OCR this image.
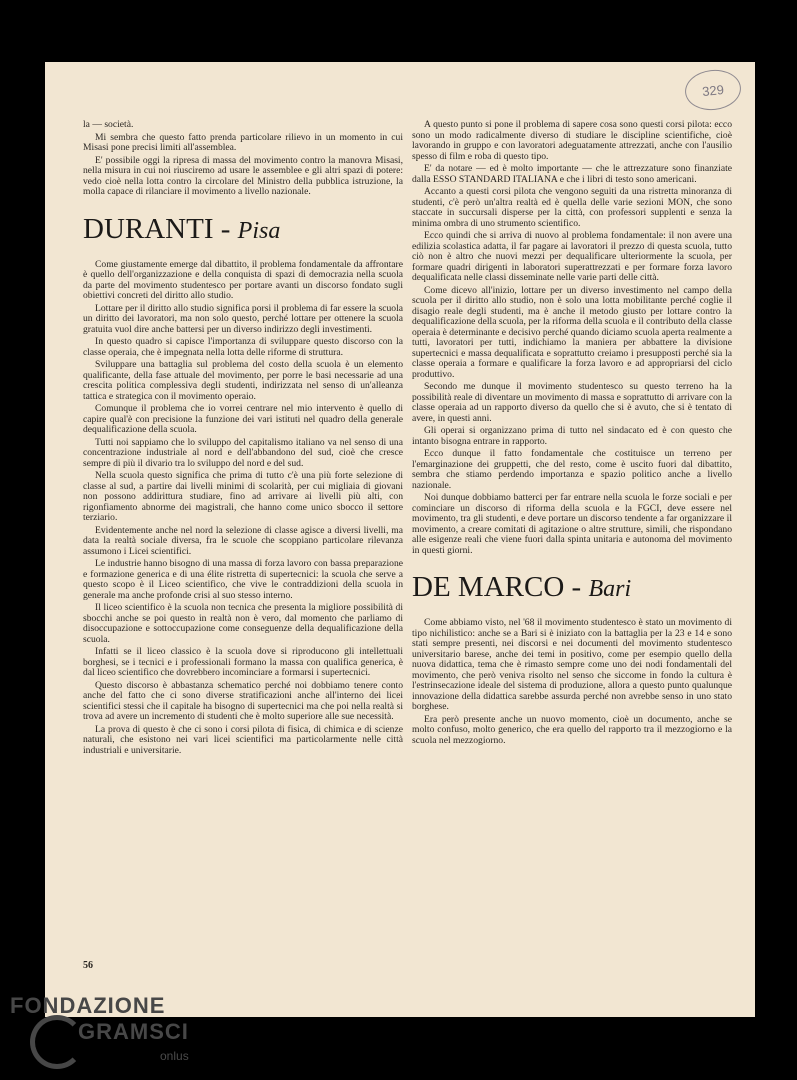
329

la — società.

Mi sembra che questo fatto prenda particolare rilievo in un momento in cui Misasi pone precisi limiti all'assemblea.

E' possibile oggi la ripresa di massa del movimento contro la manovra Misasi, nella misura in cui noi riusciremo ad usare le assemblee e gli altri spazi di potere: vedo cioè nella lotta contro la circolare del Ministro della pubblica istruzione, la molla capace di rilanciare il movimento a livello nazionale.

DURANTI - Pisa

Come giustamente emerge dal dibattito, il problema fondamentale da affrontare è quello dell'organizzazione e della conquista di spazi di democrazia nella scuola da parte del movimento studentesco per portare avanti un discorso fondato sugli obiettivi concreti del diritto allo studio.

Lottare per il diritto allo studio significa porsi il problema di far essere la scuola un diritto dei lavoratori, ma non solo questo, perché lottare per ottenere la scuola gratuita vuol dire anche battersi per un diverso indirizzo degli investimenti.

In questo quadro si capisce l'importanza di sviluppare questo discorso con la classe operaia, che è impegnata nella lotta delle riforme di struttura.

Sviluppare una battaglia sul problema del costo della scuola è un elemento qualificante, della fase attuale del movimento, per porre le basi necessarie ad una crescita politica complessiva degli studenti, indirizzata nel senso di un'alleanza tattica e strategica con il movimento operaio.

Comunque il problema che io vorrei centrare nel mio intervento è quello di capire qual'è con precisione la funzione dei vari istituti nel quadro della generale dequalificazione della scuola.

Tutti noi sappiamo che lo sviluppo del capitalismo italiano va nel senso di una concentrazione industriale al nord e dell'abbandono del sud, cioè che cresce sempre di più il divario tra lo sviluppo del nord e del sud.

Nella scuola questo significa che prima di tutto c'è una più forte selezione di classe al sud, a partire dai livelli minimi di scolarità, per cui migliaia di giovani non possono addirittura studiare, fino ad arrivare ai livelli più alti, con rigonfiamento abnorme dei magistrali, che hanno come unico sbocco il settore terziario.

Evidentemente anche nel nord la selezione di classe agisce a diversi livelli, ma data la realtà sociale diversa, fra le scuole che scoppiano particolare rilevanza assumono i Licei scientifici.

Le industrie hanno bisogno di una massa di forza lavoro con bassa preparazione e formazione generica e di una élite ristretta di supertecnici: la scuola che serve a questo scopo è il Liceo scientifico, che vive le contraddizioni della scuola in generale ma anche profonde crisi al suo stesso interno.

Il liceo scientifico è la scuola non tecnica che presenta la migliore possibilità di sbocchi anche se poi questo in realtà non è vero, dal momento che parliamo di disoccupazione e sottoccupazione come conseguenze della dequalificazione della scuola.

Infatti se il liceo classico è la scuola dove si riproducono gli intellettuali borghesi, se i tecnici e i professionali formano la massa con qualifica generica, è dal liceo scientifico che dovrebbero incominciare a formarsi i supertecnici.

Questo discorso è abbastanza schematico perché noi dobbiamo tenere conto anche del fatto che ci sono diverse stratificazioni anche all'interno dei licei scientifici stessi che il capitale ha bisogno di supertecnici ma che poi nella realtà si trova ad avere un incremento di studenti che è molto superiore alle sue necessità.

La prova di questo è che ci sono i corsi pilota di fisica, di chimica e di scienze naturali, che esistono nei vari licei scientifici ma particolarmente nelle città industriali e universitarie.

A questo punto si pone il problema di sapere cosa sono questi corsi pilota: ecco sono un modo radicalmente diverso di studiare le discipline scientifiche, cioè lavorando in gruppo e con lavoratori adeguatamente attrezzati, anche con l'ausilio spesso di film e roba di questo tipo.

E' da notare — ed è molto importante — che le attrezzature sono finanziate dalla ESSO STANDARD ITALIANA e che i libri di testo sono americani.

Accanto a questi corsi pilota che vengono seguiti da una ristretta minoranza di studenti, c'è però un'altra realtà ed è quella delle varie sezioni MON, che sono staccate in succursali disperse per la città, con professori supplenti e senza la minima ombra di uno strumento scientifico.

Ecco quindi che si arriva di nuovo al problema fondamentale: il non avere una edilizia scolastica adatta, il far pagare ai lavoratori il prezzo di questa scuola, tutto ciò non è altro che nuovi mezzi per dequalificare ulteriormente la scuola, per formare quadri dirigenti in laboratori superattrezzati e per formare forza lavoro dequalificata nelle classi disseminate nelle varie parti delle città.

Come dicevo all'inizio, lottare per un diverso investimento nel campo della scuola per il diritto allo studio, non è solo una lotta mobilitante perché coglie il disagio reale degli studenti, ma è anche il metodo giusto per lottare contro la dequalificazione della scuola, per la riforma della scuola e il contributo della classe operaia è determinante e decisivo perché quando diciamo scuola aperta realmente a tutti, lavoratori per tutti, indichiamo la maniera per abbattere la divisione supertecnici e massa dequalificata e soprattutto creiamo i presupposti perché sia la classe operaia a formare e qualificare la forza lavoro e ad appropriarsi del ciclo produttivo.

Secondo me dunque il movimento studentesco su questo terreno ha la possibilità reale di diventare un movimento di massa e soprattutto di arrivare con la classe operaia ad un rapporto diverso da quello che si è avuto, che si è tentato di avere, in questi anni.

Gli operai si organizzano prima di tutto nel sindacato ed è con questo che intanto bisogna entrare in rapporto.

Ecco dunque il fatto fondamentale che costituisce un terreno per l'emarginazione dei gruppetti, che del resto, come è uscito fuori dal dibattito, sembra che stiamo perdendo importanza e spazio politico anche a livello nazionale.

Noi dunque dobbiamo batterci per far entrare nella scuola le forze sociali e per cominciare un discorso di riforma della scuola e la FGCI, deve essere nel movimento, tra gli studenti, e deve portare un discorso tendente a far organizzare il movimento, a creare comitati di agitazione o altre strutture, simili, che rispondano alle esigenze reali che viene fuori dalla spinta unitaria e autonoma del movimento in questi giorni.

DE MARCO - Bari

Come abbiamo visto, nel '68 il movimento studentesco è stato un movimento di tipo nichilistico: anche se a Bari si è iniziato con la battaglia per la 23 e 14 e sono stati sempre presenti, nei discorsi e nei documenti del movimento studentesco universitario barese, anche dei temi in positivo, come per esempio quello della nuova didattica, tema che è rimasto sempre come uno dei nodi fondamentali del movimento, che però veniva risolto nel senso che siccome in fondo la cultura è l'estrinsecazione ideale del sistema di produzione, allora a questo punto qualunque innovazione della didattica sarebbe assurda perché non avrebbe senso in uno stato borghese.

Era però presente anche un nuovo momento, cioè un documento, anche se molto confuso, molto generico, che era quello del rapporto tra il mezzogiorno e la scuola nel mezzogiorno.

56
FONDAZIONE
GRAMSCI
onlus
